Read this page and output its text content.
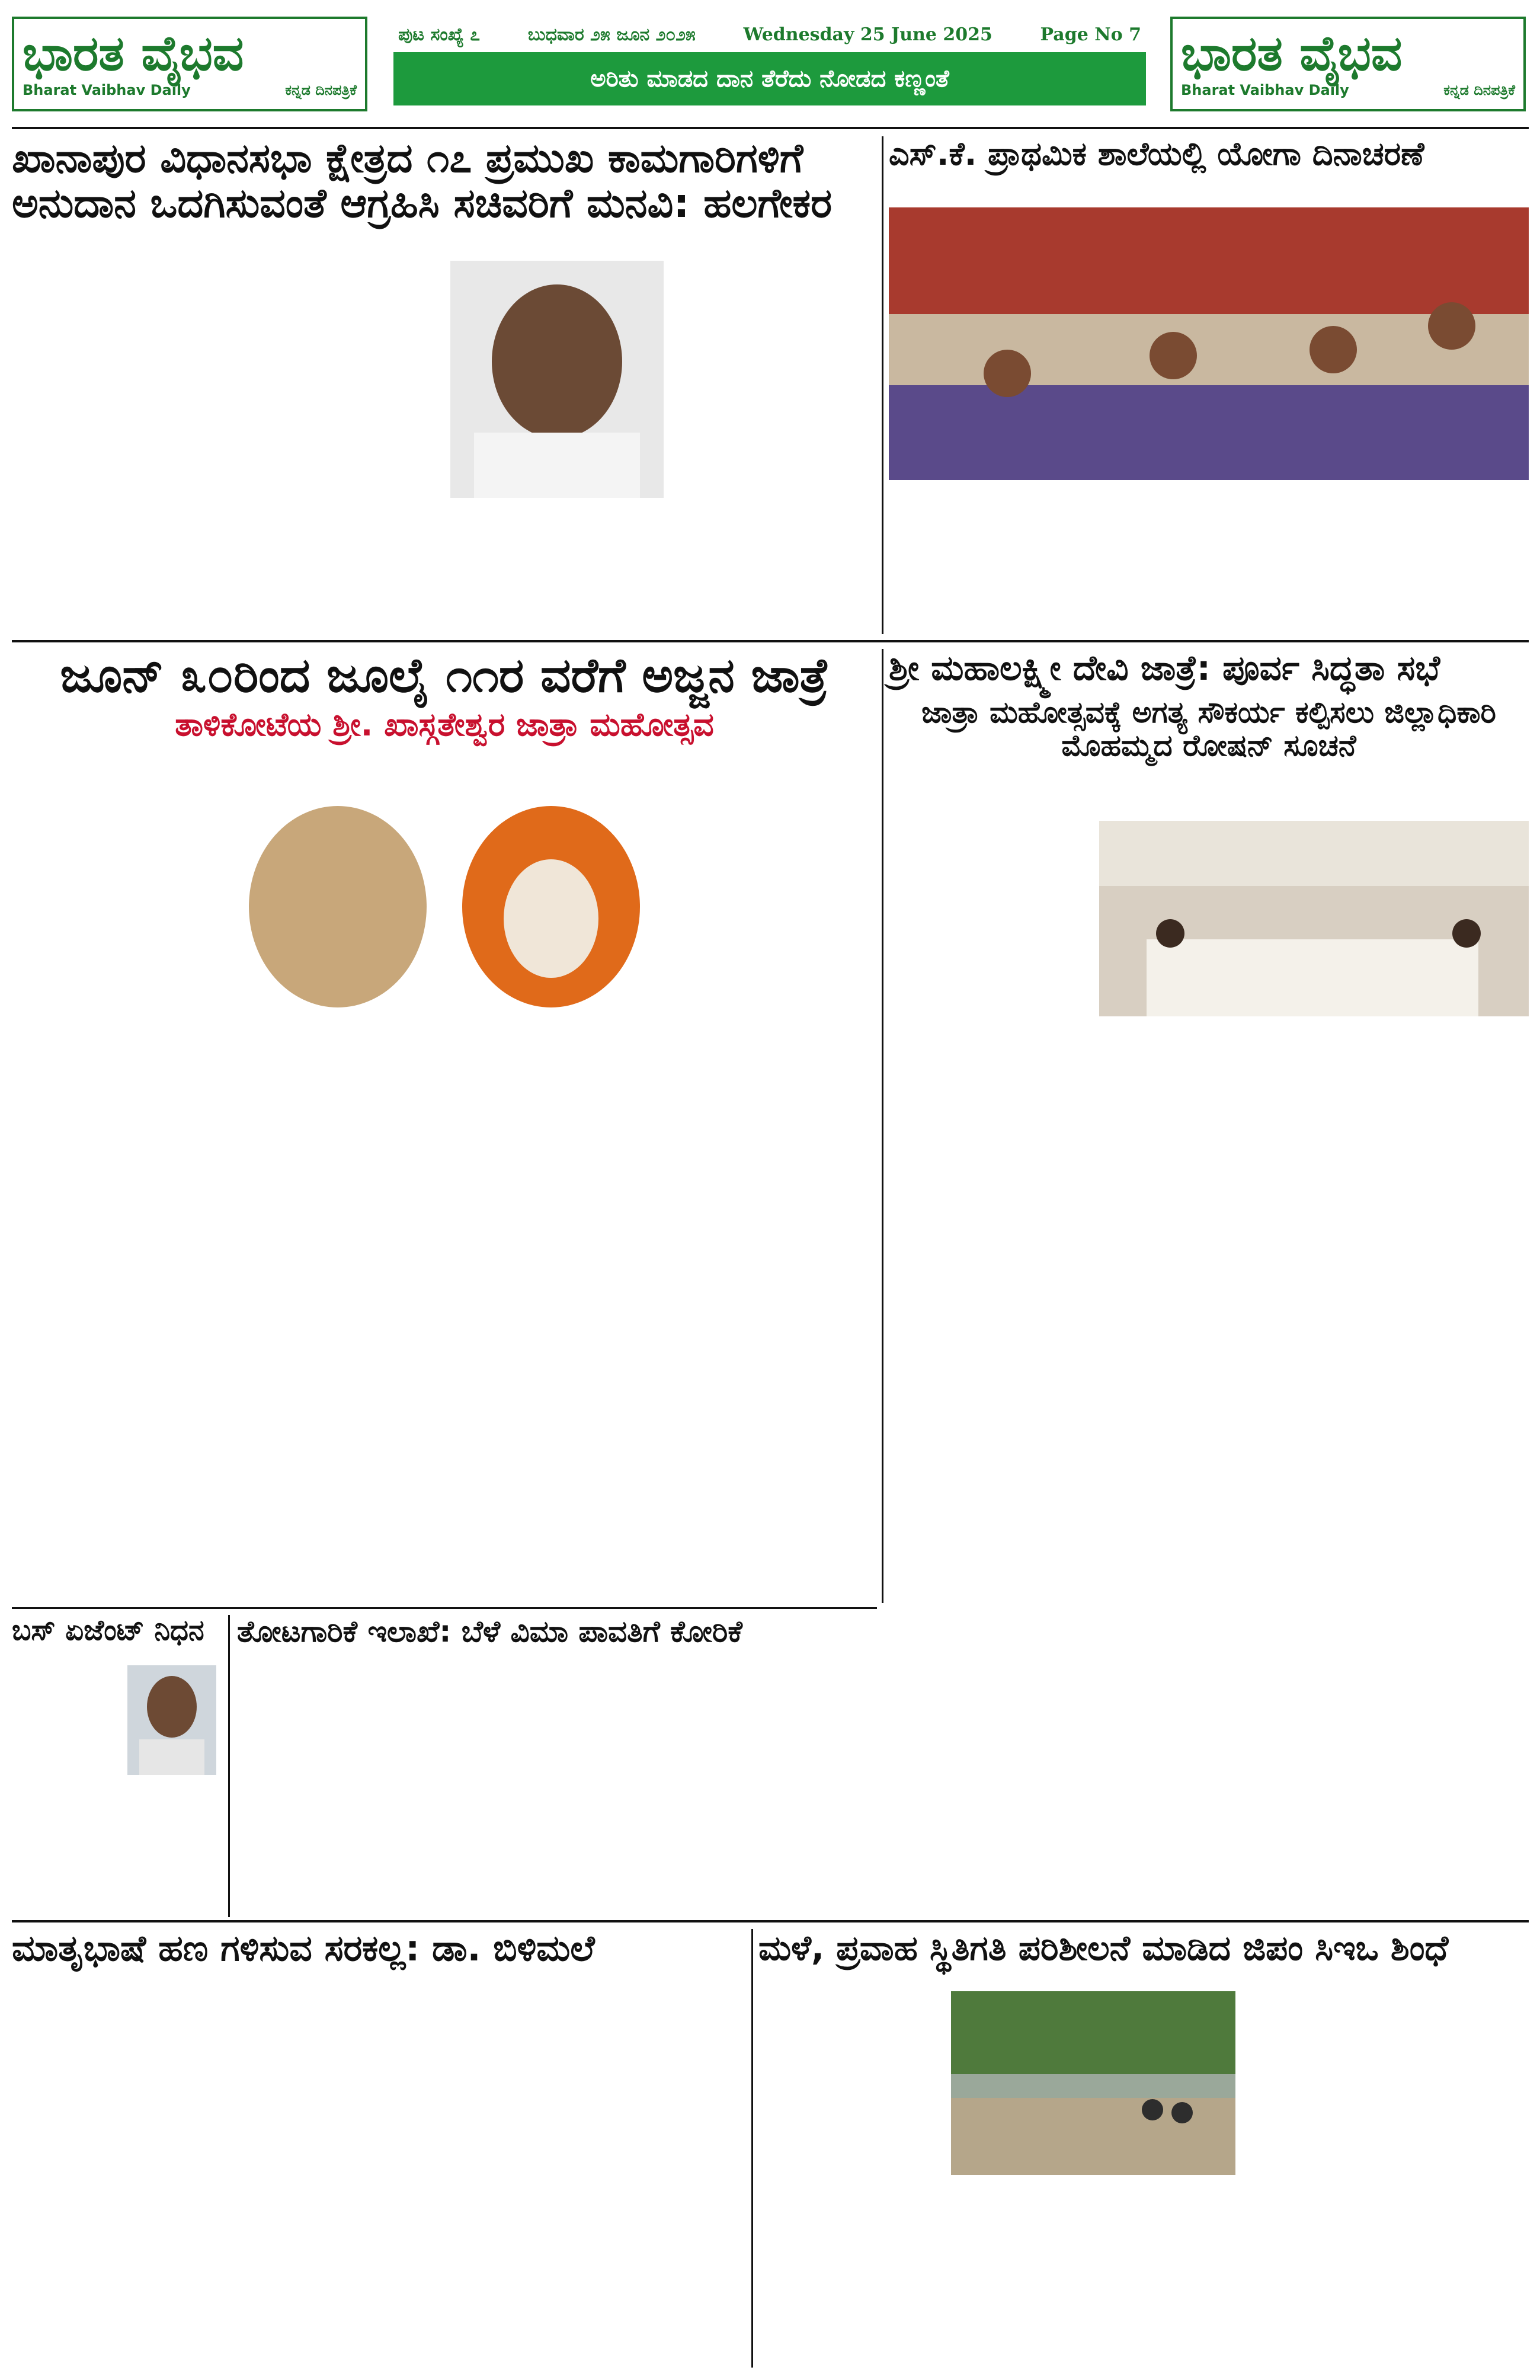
ಭಾರತ ವೈಭವ
Bharat Vaibhav Daily	ಕನ್ನಡ ದಿನಪತ್ರಿಕೆ
ಪುಟ ಸಂಖ್ಯೆ ೭	ಬುಧವಾರ ೨೫ ಜೂನ ೨೦೨೫	Wednesday 25 June 2025	Page No 7
ಅರಿತು ಮಾಡದ ದಾನ ತೆರೆದು ನೋಡದ ಕಣ್ಣಂತೆ	ಭಾರತ ವೈಭವ
Bharat Vaibhav Daily	ಕನ್ನಡ ದಿನಪತ್ರಿಕೆ
ಖಾನಾಪುರ ವಿಧಾನಸಭಾ ಕ್ಷೇತ್ರದ ೧೭ ಪ್ರಮುಖ ಕಾಮಗಾರಿಗಳಿಗೆ ಅನುದಾನ ಒದಗಿಸುವಂತೆ ಆಗ್ರಹಿಸಿ ಸಚಿವರಿಗೆ ಮನವಿ: ಹಲಗೇಕರ

ಎಸ್.ಕೆ. ಪ್ರಾಥಮಿಕ ಶಾಲೆಯಲ್ಲಿ ಯೋಗಾ ದಿನಾಚರಣೆ

ಜೂನ್ ೩೦ರಿಂದ ಜೂಲೈ ೧೧ರ ವರೆಗೆ ಅಜ್ಜನ ಜಾತ್ರೆ
ತಾಳಿಕೋಟೆಯ ಶ್ರೀ. ಖಾಸ್ಗತೇಶ್ವರ ಜಾತ್ರಾ ಮಹೋತ್ಸವ

ಶ್ರೀ ಮಹಾಲಕ್ಷ್ಮೀ ದೇವಿ ಜಾತ್ರೆ: ಪೂರ್ವ ಸಿದ್ಧತಾ ಸಭೆ
ಜಾತ್ರಾ ಮಹೋತ್ಸವಕ್ಕೆ ಅಗತ್ಯ ಸೌಕರ್ಯ ಕಲ್ಪಿಸಲು ಜಿಲ್ಲಾಧಿಕಾರಿ ಮೊಹಮ್ಮದ ರೋಷನ್ ಸೂಚನೆ

ಬಸ್ ಏಜೆಂಟ್ ನಿಧನ	ತೋಟಗಾರಿಕೆ ಇಲಾಖೆ: ಬೆಳೆ ವಿಮಾ ಪಾವತಿಗೆ ಕೋರಿಕೆ

ಮಾತೃಭಾಷೆ ಹಣ ಗಳಿಸುವ ಸರಕಲ್ಲ: ಡಾ. ಬಿಳಿಮಲೆ	ಮಳೆ, ಪ್ರವಾಹ ಸ್ಥಿತಿಗತಿ ಪರಿಶೀಲನೆ ಮಾಡಿದ ಜಿಪಂ ಸಿಇಒ ಶಿಂಧೆ
